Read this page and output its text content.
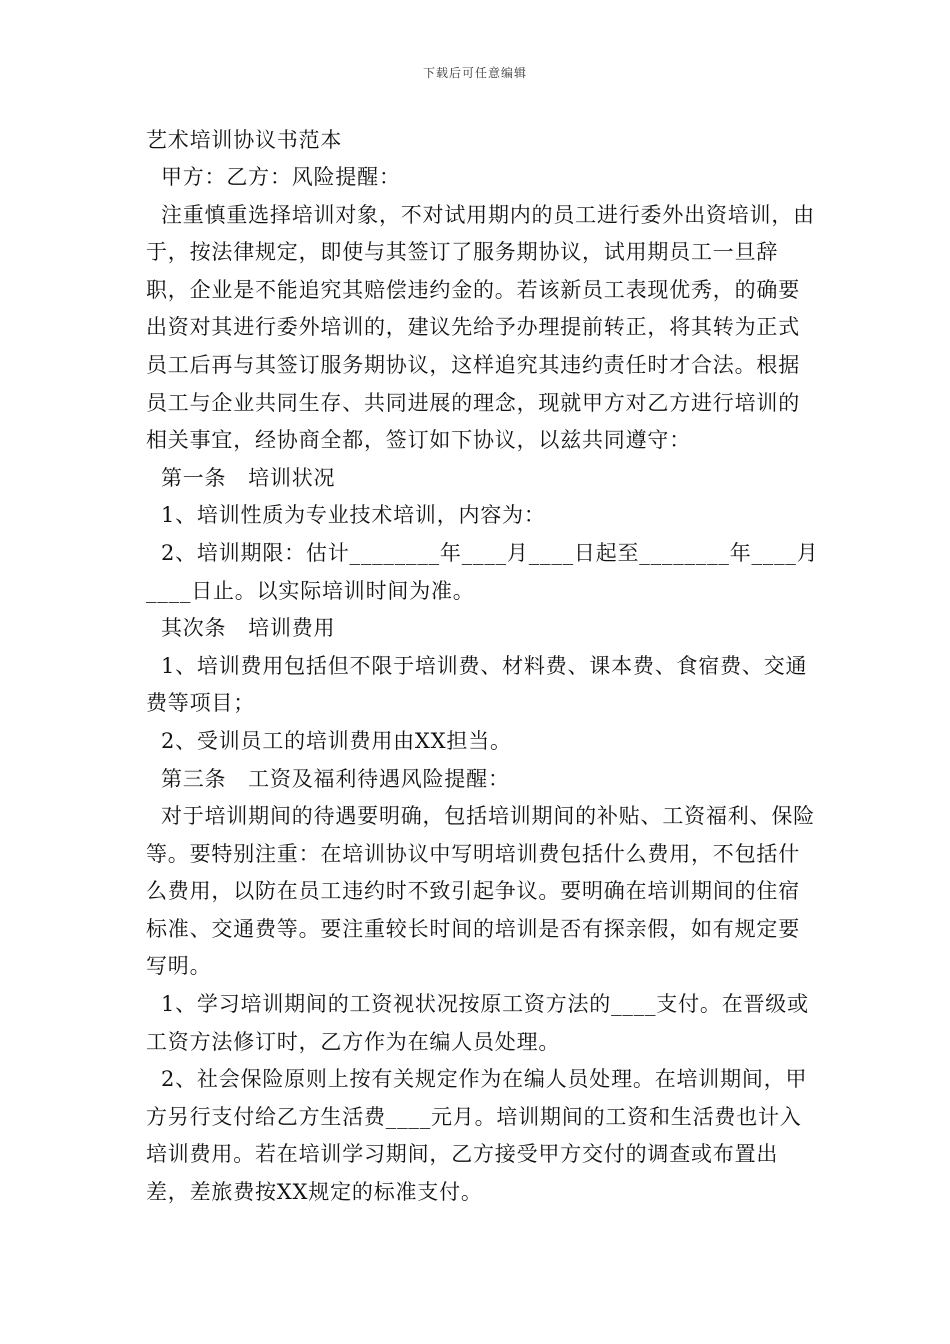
下载后可任意编辑

艺术培训协议书范本

甲方：乙方：风险提醒：

注重慎重选择培训对象，不对试用期内的员工进行委外出资培训，由于，按法律规定，即使与其签订了服务期协议，试用期员工一旦辞职，企业是不能追究其赔偿违约金的。若该新员工表现优秀，的确要出资对其进行委外培训的，建议先给予办理提前转正，将其转为正式员工后再与其签订服务期协议，这样追究其违约责任时才合法。根据员工与企业共同生存、共同进展的理念，现就甲方对乙方进行培训的相关事宜，经协商全都，签订如下协议，以兹共同遵守：

第一条　培训状况

1、培训性质为专业技术培训，内容为：

2、培训期限：估计________年____月____日起至________年____月____日止。以实际培训时间为准。

其次条　培训费用

1、培训费用包括但不限于培训费、材料费、课本费、食宿费、交通费等项目；

2、受训员工的培训费用由XX担当。

第三条　工资及福利待遇风险提醒：

对于培训期间的待遇要明确，包括培训期间的补贴、工资福利、保险等。要特别注重：在培训协议中写明培训费包括什么费用，不包括什么费用，以防在员工违约时不致引起争议。要明确在培训期间的住宿标准、交通费等。要注重较长时间的培训是否有探亲假，如有规定要写明。

1、学习培训期间的工资视状况按原工资方法的____支付。在晋级或工资方法修订时，乙方作为在编人员处理。

2、社会保险原则上按有关规定作为在编人员处理。在培训期间，甲方另行支付给乙方生活费____元月。培训期间的工资和生活费也计入培训费用。若在培训学习期间，乙方接受甲方交付的调查或布置出差，差旅费按XX规定的标准支付。
